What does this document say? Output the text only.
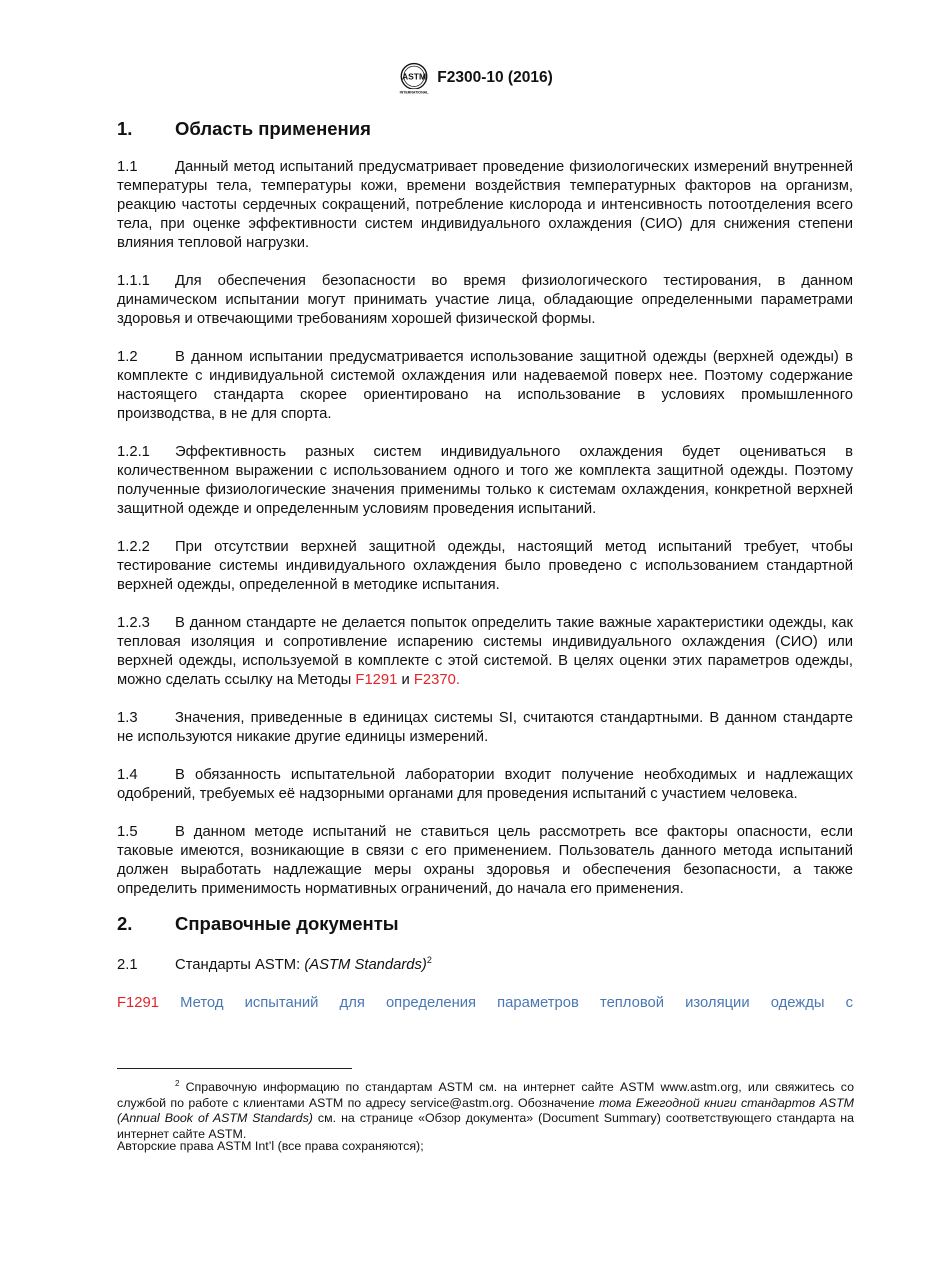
ASTM
INTERNATIONAL
F2300-10 (2016)
1.	Область применения

1.1	Данный метод испытаний предусматривает проведение физиологических измерений внутренней температуры тела, температуры кожи, времени воздействия температурных факторов на организм, реакцию частоты сердечных сокращений, потребление кислорода и интенсивность потоотделения всего тела, при оценке эффективности систем индивидуального охлаждения (СИО) для снижения степени влияния тепловой нагрузки.

1.1.1 Для обеспечения безопасности во время физиологического тестирования, в данном динамическом испытании могут принимать участие лица, обладающие определенными параметрами здоровья и отвечающими требованиям хорошей физической формы.

1.2	В данном испытании предусматривается использование защитной одежды (верхней одежды) в комплекте с индивидуальной системой охлаждения или надеваемой поверх нее. Поэтому содержание настоящего стандарта скорее ориентировано на использование в условиях промышленного производства, в не для спорта.

1.2.1 Эффективность разных систем индивидуального охлаждения будет оцениваться в количественном выражении с использованием одного и того же комплекта защитной одежды. Поэтому полученные физиологические значения применимы только к системам охлаждения, конкретной верхней защитной одежде и определенным условиям проведения испытаний.

1.2.2 При отсутствии верхней защитной одежды, настоящий метод испытаний требует, чтобы тестирование системы индивидуального охлаждения было проведено с использованием стандартной верхней одежды, определенной в методике испытания.

1.2.3 В данном стандарте не делается попыток определить такие важные характеристики одежды, как тепловая изоляция и сопротивление испарению системы индивидуального охлаждения (СИО) или верхней одежды, используемой в комплекте с этой системой. В целях оценки этих параметров одежды, можно сделать ссылку на Методы F1291 и F2370.

1.3	Значения, приведенные в единицах системы SI, считаются стандартными. В данном стандарте не используются никакие другие единицы измерений.

1.4	В обязанность испытательной лаборатории входит получение необходимых и надлежащих одобрений, требуемых её надзорными органами для проведения испытаний с участием человека.

1.5	В данном методе испытаний не ставиться цель рассмотреть все факторы опасности, если таковые имеются, возникающие в связи с его применением. Пользователь данного метода испытаний должен выработать надлежащие меры охраны здоровья и обеспечения безопасности, а также определить применимость нормативных ограничений, до начала его применения.

2.	Справочные документы

2.1	Стандарты ASTM: (ASTM Standards)$^2$

F1291 Метод испытаний для определения параметров тепловой изоляции одежды с
$^2$ Справочную информацию по стандартам ASTM см. на интернет сайте ASTM www.astm.org, или свяжитесь со службой по работе с клиентами ASTM по адресу service@astm.org. Обозначение тома Ежегодной книги стандартов ASTM (Annual Book of ASTM Standards) см. на странице «Обзор документа» (Document Summary) соответствующего стандарта на интернет сайте ASTM.
Авторские права ASTM Int’l (все права сохраняются);
